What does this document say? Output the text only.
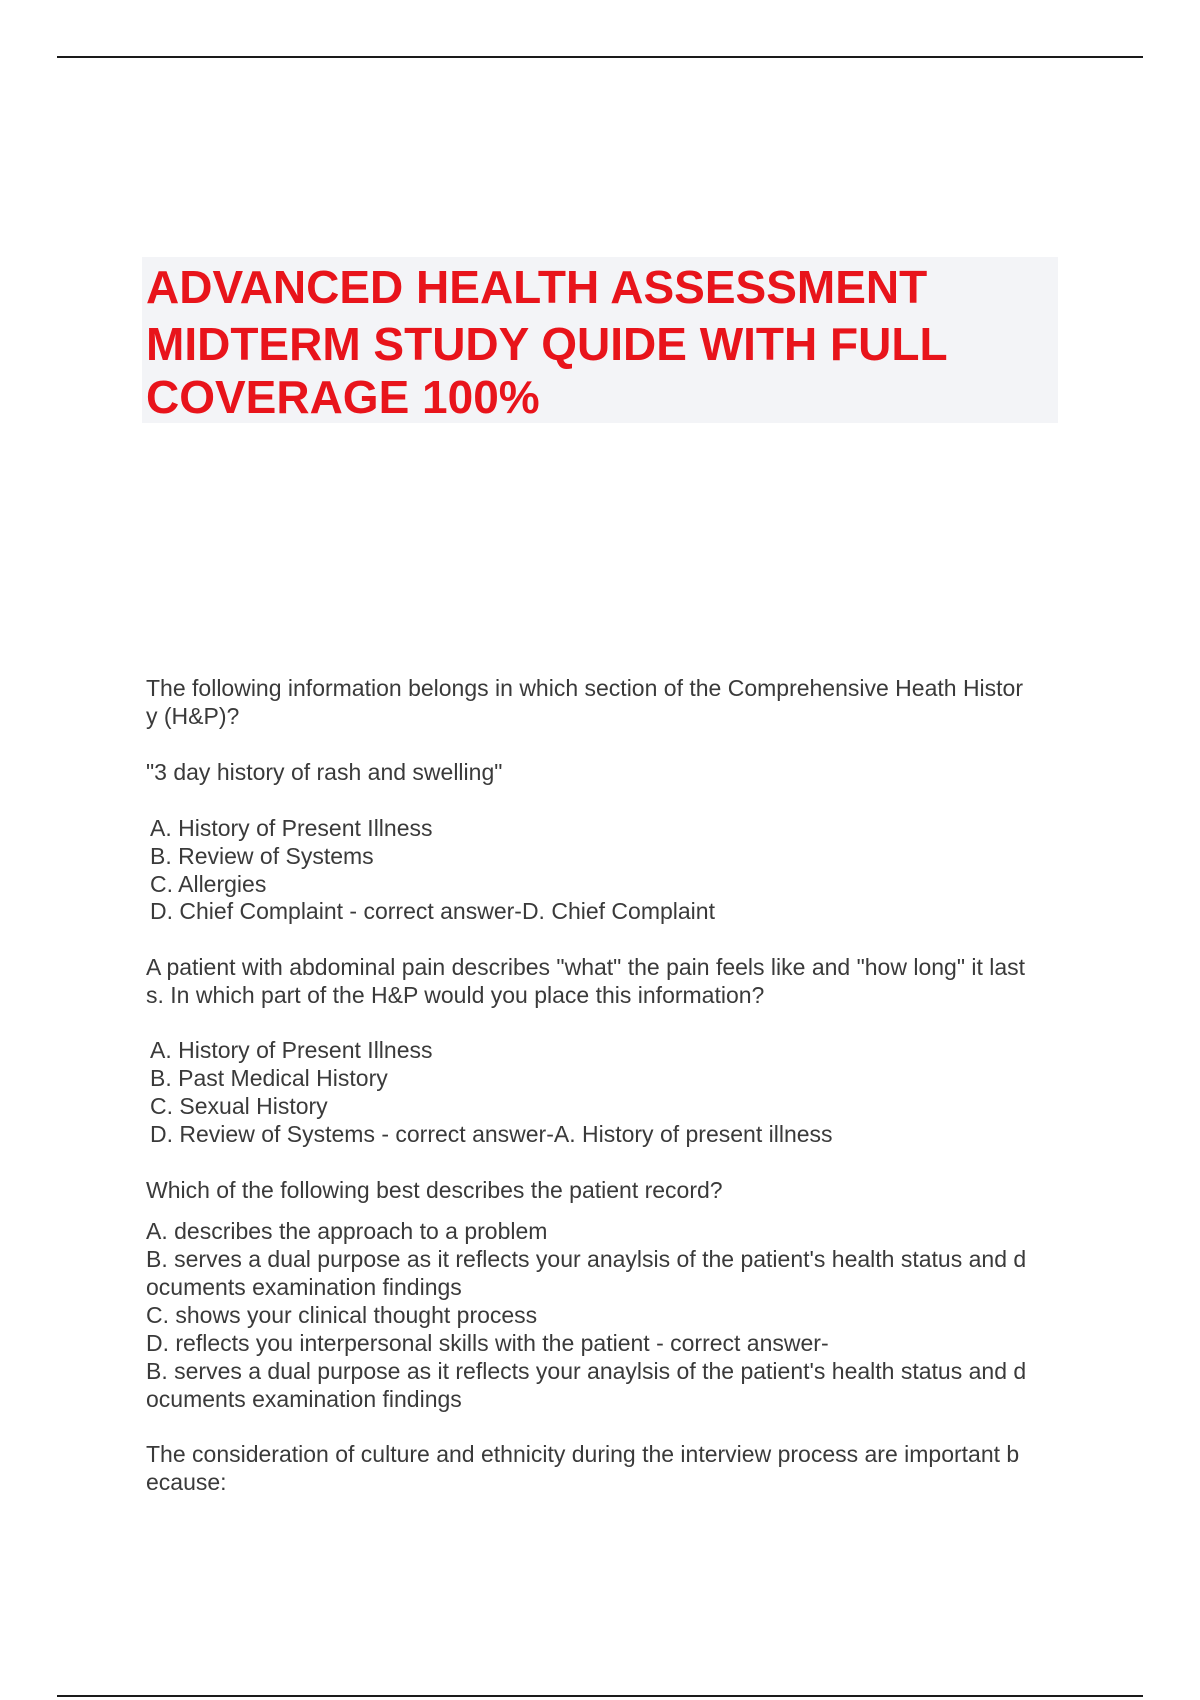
ADVANCED HEALTH ASSESSMENT
MIDTERM STUDY QUIDE WITH FULL
COVERAGE 100%
The following information belongs in which section of the Comprehensive Heath Histor
y (H&P)?
"3 day history of rash and swelling"
A. History of Present Illness
B. Review of Systems
C. Allergies
D. Chief Complaint - correct answer-D. Chief Complaint
A patient with abdominal pain describes "what" the pain feels like and "how long" it last
s. In which part of the H&P would you place this information?
A. History of Present Illness
B. Past Medical History
C. Sexual History
D. Review of Systems - correct answer-A. History of present illness
Which of the following best describes the patient record?
A. describes the approach to a problem
B. serves a dual purpose as it reflects your anaylsis of the patient's health status and d
ocuments examination findings
C. shows your clinical thought process
D. reflects you interpersonal skills with the patient - correct answer-
B. serves a dual purpose as it reflects your anaylsis of the patient's health status and d
ocuments examination findings
The consideration of culture and ethnicity during the interview process are important b
ecause:
